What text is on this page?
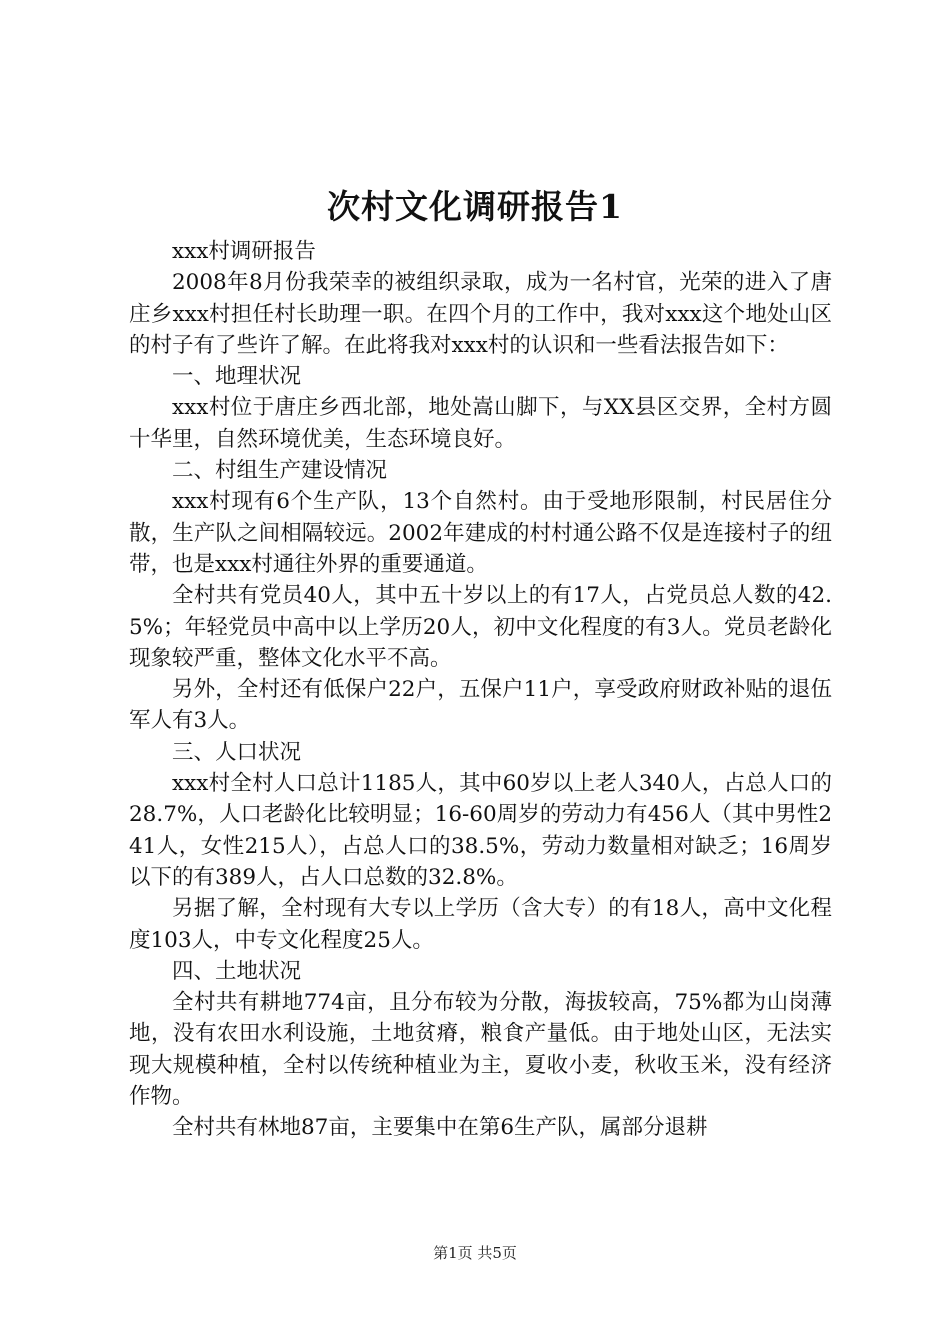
次村文化调研报告1

xxx村调研报告

2008年8月份我荣幸的被组织录取，成为一名村官，光荣的进入了唐庄乡xxx村担任村长助理一职。在四个月的工作中，我对xxx这个地处山区的村子有了些许了解。在此将我对xxx村的认识和一些看法报告如下：

一、地理状况

xxx村位于唐庄乡西北部，地处嵩山脚下，与XX县区交界，全村方圆十华里，自然环境优美，生态环境良好。

二、村组生产建设情况

xxx村现有6个生产队，13个自然村。由于受地形限制，村民居住分散，生产队之间相隔较远。2002年建成的村村通公路不仅是连接村子的纽带，也是xxx村通往外界的重要通道。

全村共有党员40人，其中五十岁以上的有17人，占党员总人数的42.5%；年轻党员中高中以上学历20人，初中文化程度的有3人。党员老龄化现象较严重，整体文化水平不高。

另外，全村还有低保户22户，五保户11户，享受政府财政补贴的退伍军人有3人。

三、人口状况

xxx村全村人口总计1185人，其中60岁以上老人340人，占总人口的28.7%，人口老龄化比较明显；16-60周岁的劳动力有456人（其中男性241人，女性215人），占总人口的38.5%，劳动力数量相对缺乏；16周岁以下的有389人，占人口总数的32.8%。

另据了解，全村现有大专以上学历（含大专）的有18人，高中文化程度103人，中专文化程度25人。

四、土地状况

全村共有耕地774亩，且分布较为分散，海拔较高，75%都为山岗薄地，没有农田水利设施，土地贫瘠，粮食产量低。由于地处山区，无法实现大规模种植，全村以传统种植业为主，夏收小麦，秋收玉米，没有经济作物。

全村共有林地87亩，主要集中在第6生产队，属部分退耕

第1页 共5页
